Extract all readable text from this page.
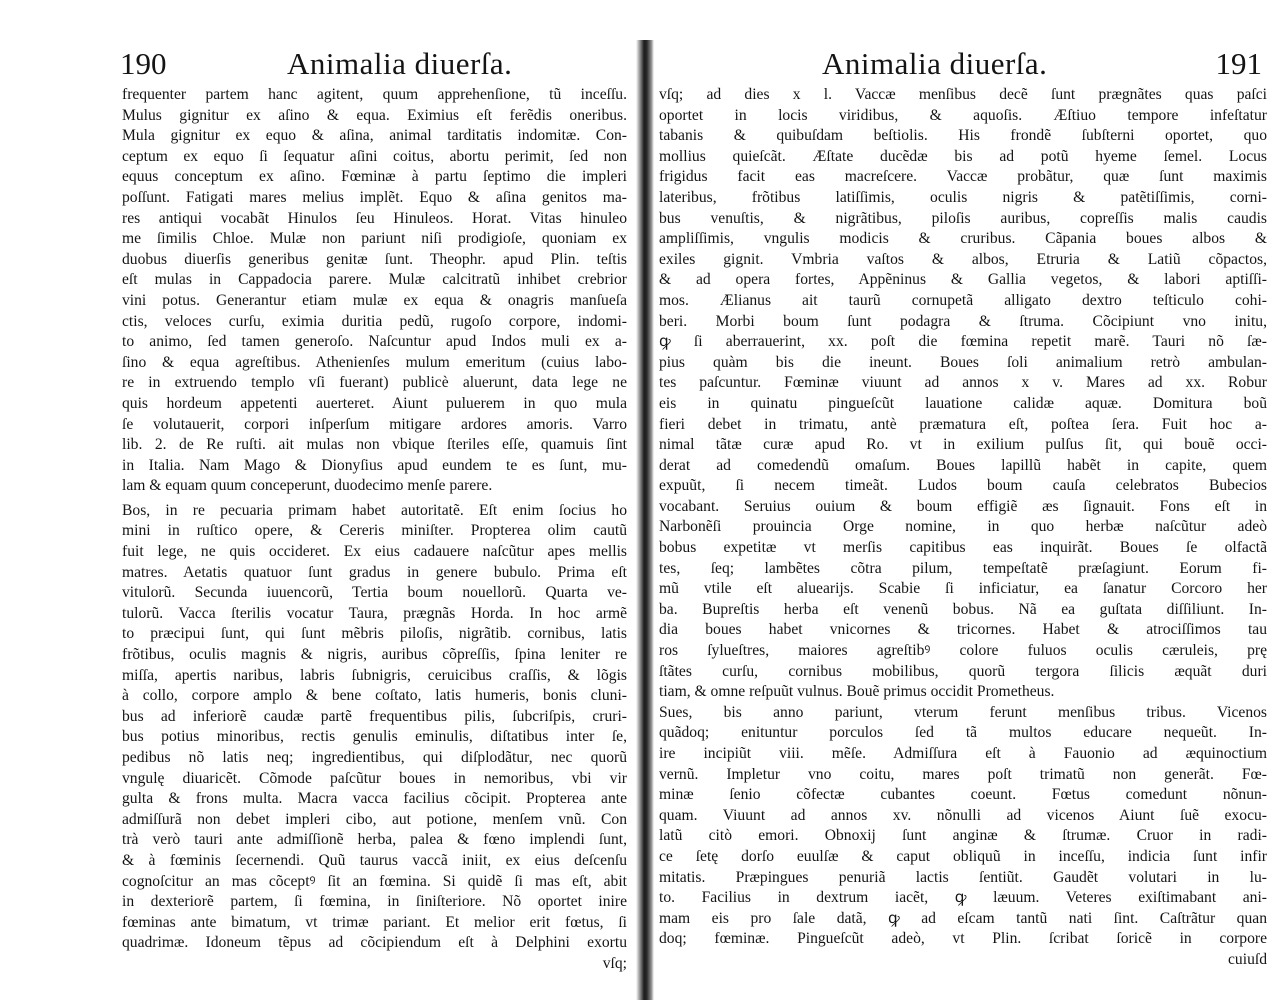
190	Animalia diuerſa.
frequenter partem hanc agitent, quum apprehenſione, tũ inceſſu.
Mulus gignitur ex aſino & equa. Eximius eſt ferẽdis oneribus.
Mula gignitur ex equo & aſina, animal tarditatis indomitæ. Con-
ceptum ex equo ſi ſequatur aſini coitus, abortu perimit, ſed non
equus conceptum ex aſino. Fœminæ à partu ſeptimo die impleri
poſſunt. Fatigati mares melius implẽt. Equo & aſina genitos ma-
res antiqui vocabãt Hinulos ſeu Hinuleos. Horat. Vitas hinuleo
me ſimilis Chloe. Mulæ non pariunt niſi prodigioſe, quoniam ex
duobus diuerſis generibus genitæ ſunt. Theophr. apud Plin. teſtis
eſt mulas in Cappadocia parere. Mulæ calcitratũ inhibet crebrior
vini potus. Generantur etiam mulæ ex equa & onagris manſueſa
ctis, veloces curſu, eximia duritia pedũ, rugoſo corpore, indomi-
to animo, ſed tamen generoſo. Naſcuntur apud Indos muli ex a-
ſino & equa agreſtibus. Athenienſes mulum emeritum (cuius labo-
re in extruendo templo vſi fuerant) publicè aluerunt, data lege ne
quis hordeum appetenti auerteret. Aiunt puluerem in quo mula
ſe volutauerit, corpori inſperſum mitigare ardores amoris. Varro
lib. 2. de Re ruſti. ait mulas non vbique ſteriles eſſe, quamuis ſint
in Italia. Nam Mago & Dionyſius apud eundem te es ſunt, mu-
lam & equam quum conceperunt, duodecimo menſe parere.
Bos, in re pecuaria primam habet autoritatẽ. Eſt enim ſocius ho
mini in ruſtico opere, & Cereris miniſter. Propterea olim cautũ
fuit lege, ne quis occideret. Ex eius cadauere naſcũtur apes mellis
matres. Aetatis quatuor ſunt gradus in genere bubulo. Prima eſt
vitulorũ. Secunda iuuencorũ, Tertia boum nouellorũ. Quarta ve-
tulorũ. Vacca ſterilis vocatur Taura, prægnãs Horda. In hoc armẽ
to præcipui ſunt, qui ſunt mẽbris piloſis, nigrãtib. cornibus, latis
frõtibus, oculis magnis & nigris, auribus cõpreſſis, ſpina leniter re
miſſa, apertis naribus, labris ſubnigris, ceruicibus craſſis, & lõgis
à collo, corpore amplo & bene coſtato, latis humeris, bonis cluni-
bus ad inferiorẽ caudæ partẽ frequentibus pilis, ſubcriſpis, cruri-
bus potius minoribus, rectis genulis eminulis, diſtatibus inter ſe,
pedibus nõ latis neq; ingredientibus, qui diſplodãtur, nec quorũ
vngulę diuaricẽt. Cõmode paſcũtur boues in nemoribus, vbi vir
gulta & frons multa. Macra vacca facilius cõcipit. Propterea ante
admiſſurã non debet impleri cibo, aut potione, menſem vnũ. Con
trà verò tauri ante admiſſionẽ herba, palea & fœno implendi ſunt,
& à fœminis ſecernendi. Quũ taurus vaccã iniit, ex eius deſcenſu
cognoſcitur an mas cõceptꝰ ſit an fœmina. Si quidẽ ſi mas eſt, abit
in dexteriorẽ partem, ſi fœmina, in ſiniſteriore. Nõ oportet inire
fœminas ante bimatum, vt trimæ pariant. Et melior erit fœtus, ſi
quadrimæ. Idoneum tẽpus ad cõcipiendum eſt à Delphini exortu
vſq;
Animalia diuerſa.	191
vſq; ad dies x l. Vaccæ menſibus decẽ ſunt prægnãtes quas paſci
oportet in locis viridibus, & aquoſis. Æſtiuo tempore infeſtatur
tabanis & quibuſdam beſtiolis. His frondẽ ſubſterni oportet, quo
mollius quieſcãt. Æſtate ducẽdæ bis ad potũ hyeme ſemel. Locus
frigidus facit eas macreſcere. Vaccæ probãtur, quæ ſunt maximis
lateribus, frõtibus latiſſimis, oculis nigris & patẽtiſſimis, corni-
bus venuſtis, & nigrãtibus, piloſis auribus, copreſſis malis caudis
ampliſſimis, vngulis modicis & cruribus. Cãpania boues albos &
exiles gignit. Vmbria vaſtos & albos, Etruria & Latiũ cõpactos,
& ad opera fortes, Appẽninus & Gallia vegetos, & labori aptiſſi-
mos. Ælianus ait taurũ cornupetã alligato dextro teſticulo cohi-
beri. Morbi boum ſunt podagra & ſtruma. Cõcipiunt vno initu,
ꝙ ſi aberrauerint, xx. poſt die fœmina repetit marẽ. Tauri nõ ſæ-
pius quàm bis die ineunt. Boues ſoli animalium retrò ambulan-
tes paſcuntur. Fœminæ viuunt ad annos x v. Mares ad xx. Robur
eis in quinatu pingueſcũt lauatione calidæ aquæ. Domitura boũ
fieri debet in trimatu, antè præmatura eſt, poſtea ſera. Fuit hoc a-
nimal tãtæ curæ apud Ro. vt in exilium pulſus ſit, qui bouẽ occi-
derat ad comedendũ omaſum. Boues lapillũ habẽt in capite, quem
expuũt, ſi necem timeãt. Ludos boum cauſa celebratos Bubecios
vocabant. Seruius ouium & boum effigiẽ æs ſignauit. Fons eſt in
Narbonẽſi prouincia Orge nomine, in quo herbæ naſcũtur adeò
bobus expetitæ vt merſis capitibus eas inquirãt. Boues ſe olfactã
tes, ſeq; lambẽtes cõtra pilum, tempeſtatẽ præſagiunt. Eorum fi-
mũ vtile eſt aluearijs. Scabie ſi inficiatur, ea ſanatur Corcoro her
ba. Bupreſtis herba eſt venenũ bobus. Nã ea guſtata diſſiliunt. In-
dia boues habet vnicornes & tricornes. Habet & atrociſſimos tau
ros ſylueſtres, maiores agreſtibꝰ colore fuluos oculis cæruleis, prę
ſtãtes curſu, cornibus mobilibus, quorũ tergora ſilicis æquãt duri
tiam, & omne reſpuũt vulnus. Bouẽ primus occidit Prometheus.
Sues, bis anno pariunt, vterum ferunt menſibus tribus. Vicenos
quãdoq; enituntur porculos ſed tã multos educare nequeũt. In-
ire incipiũt viii. mẽſe. Admiſſura eſt à Fauonio ad æquinoctium
vernũ. Impletur vno coitu, mares poſt trimatũ non generãt. Fœ-
minæ ſenio cõfectæ cubantes coeunt. Fœtus comedunt nõnun-
quam. Viuunt ad annos xv. nõnulli ad vicenos Aiunt ſuẽ exocu-
latũ citò emori. Obnoxij ſunt anginæ & ſtrumæ. Cruor in radi-
ce ſetę dorſo euulſæ & caput obliquũ in inceſſu, indicia ſunt infir
mitatis. Præpingues penuriã lactis ſentiũt. Gaudẽt volutari in lu-
to. Facilius in dextrum iacẽt, ꝙ læuum. Veteres exiſtimabant ani-
mam eis pro ſale datã, ꝙ ad eſcam tantũ nati ſint. Caſtrãtur quan
doq; fœminæ. Pingueſcũt adeò, vt Plin. ſcribat ſoricẽ in corpore
cuiuſd
